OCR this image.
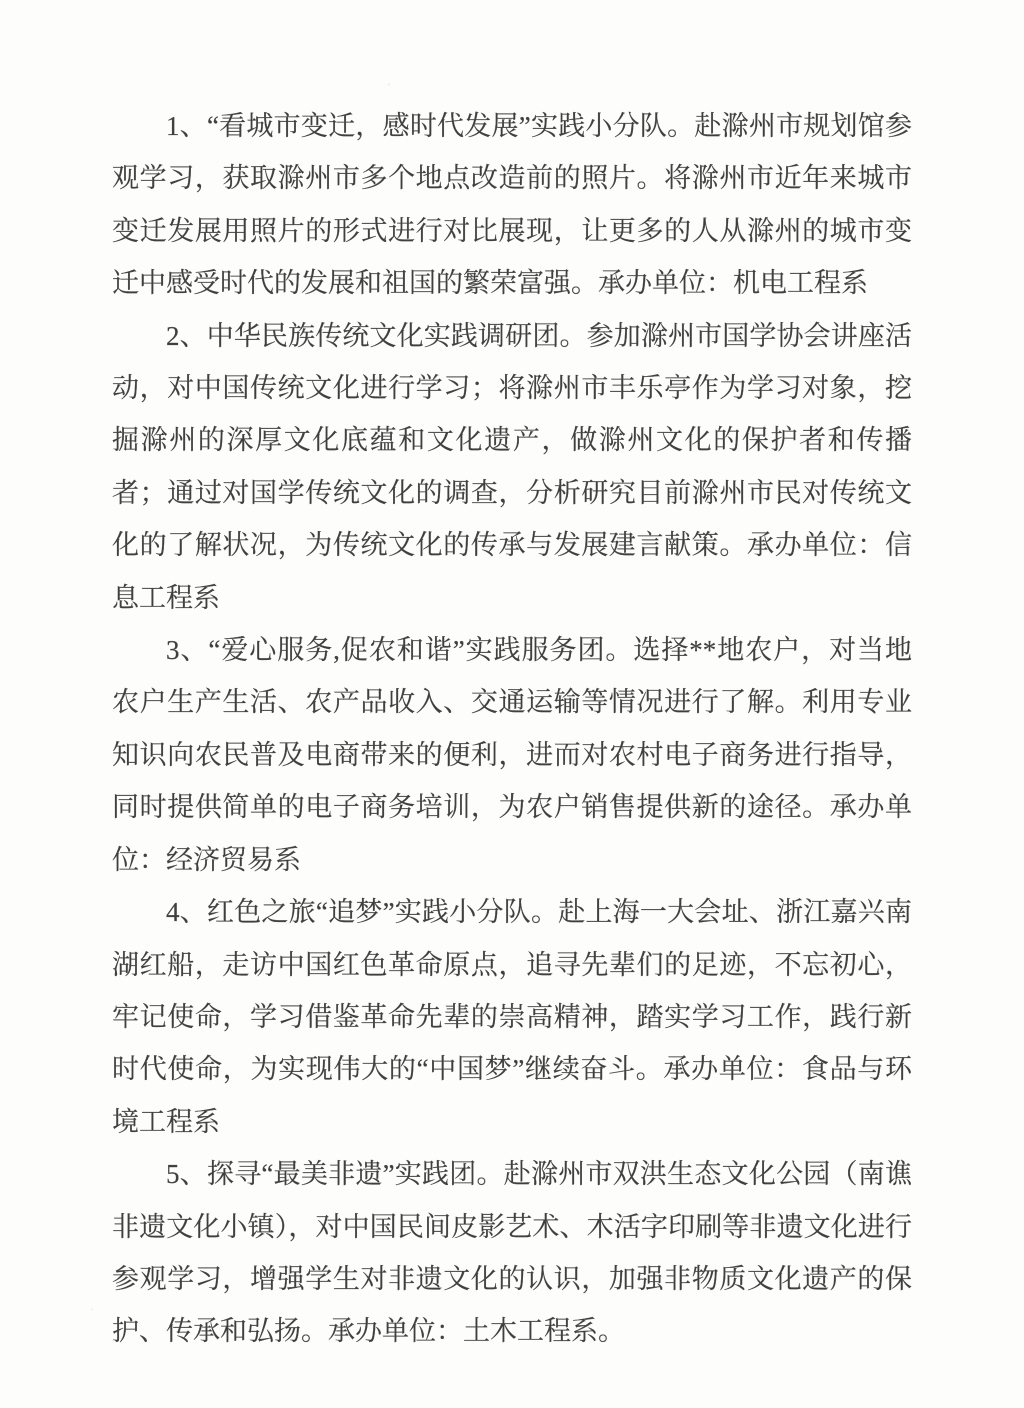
1、“看城市变迁，感时代发展”实践小分队。赴滁州市规划馆参观学习，获取滁州市多个地点改造前的照片。将滁州市近年来城市变迁发展用照片的形式进行对比展现，让更多的人从滁州的城市变迁中感受时代的发展和祖国的繁荣富强。承办单位：机电工程系

2、中华民族传统文化实践调研团。参加滁州市国学协会讲座活动，对中国传统文化进行学习；将滁州市丰乐亭作为学习对象，挖掘滁州的深厚文化底蕴和文化遗产，做滁州文化的保护者和传播者；通过对国学传统文化的调查，分析研究目前滁州市民对传统文化的了解状况，为传统文化的传承与发展建言献策。承办单位：信息工程系

3、“爱心服务,促农和谐”实践服务团。选择**地农户，对当地农户生产生活、农产品收入、交通运输等情况进行了解。利用专业知识向农民普及电商带来的便利，进而对农村电子商务进行指导，同时提供简单的电子商务培训，为农户销售提供新的途径。承办单位：经济贸易系

4、红色之旅“追梦”实践小分队。赴上海一大会址、浙江嘉兴南湖红船，走访中国红色革命原点，追寻先辈们的足迹，不忘初心，牢记使命，学习借鉴革命先辈的崇高精神，踏实学习工作，践行新时代使命，为实现伟大的“中国梦”继续奋斗。承办单位：食品与环境工程系

5、探寻“最美非遗”实践团。赴滁州市双洪生态文化公园（南谯非遗文化小镇），对中国民间皮影艺术、木活字印刷等非遗文化进行参观学习，增强学生对非遗文化的认识，加强非物质文化遗产的保护、传承和弘扬。承办单位：土木工程系。
